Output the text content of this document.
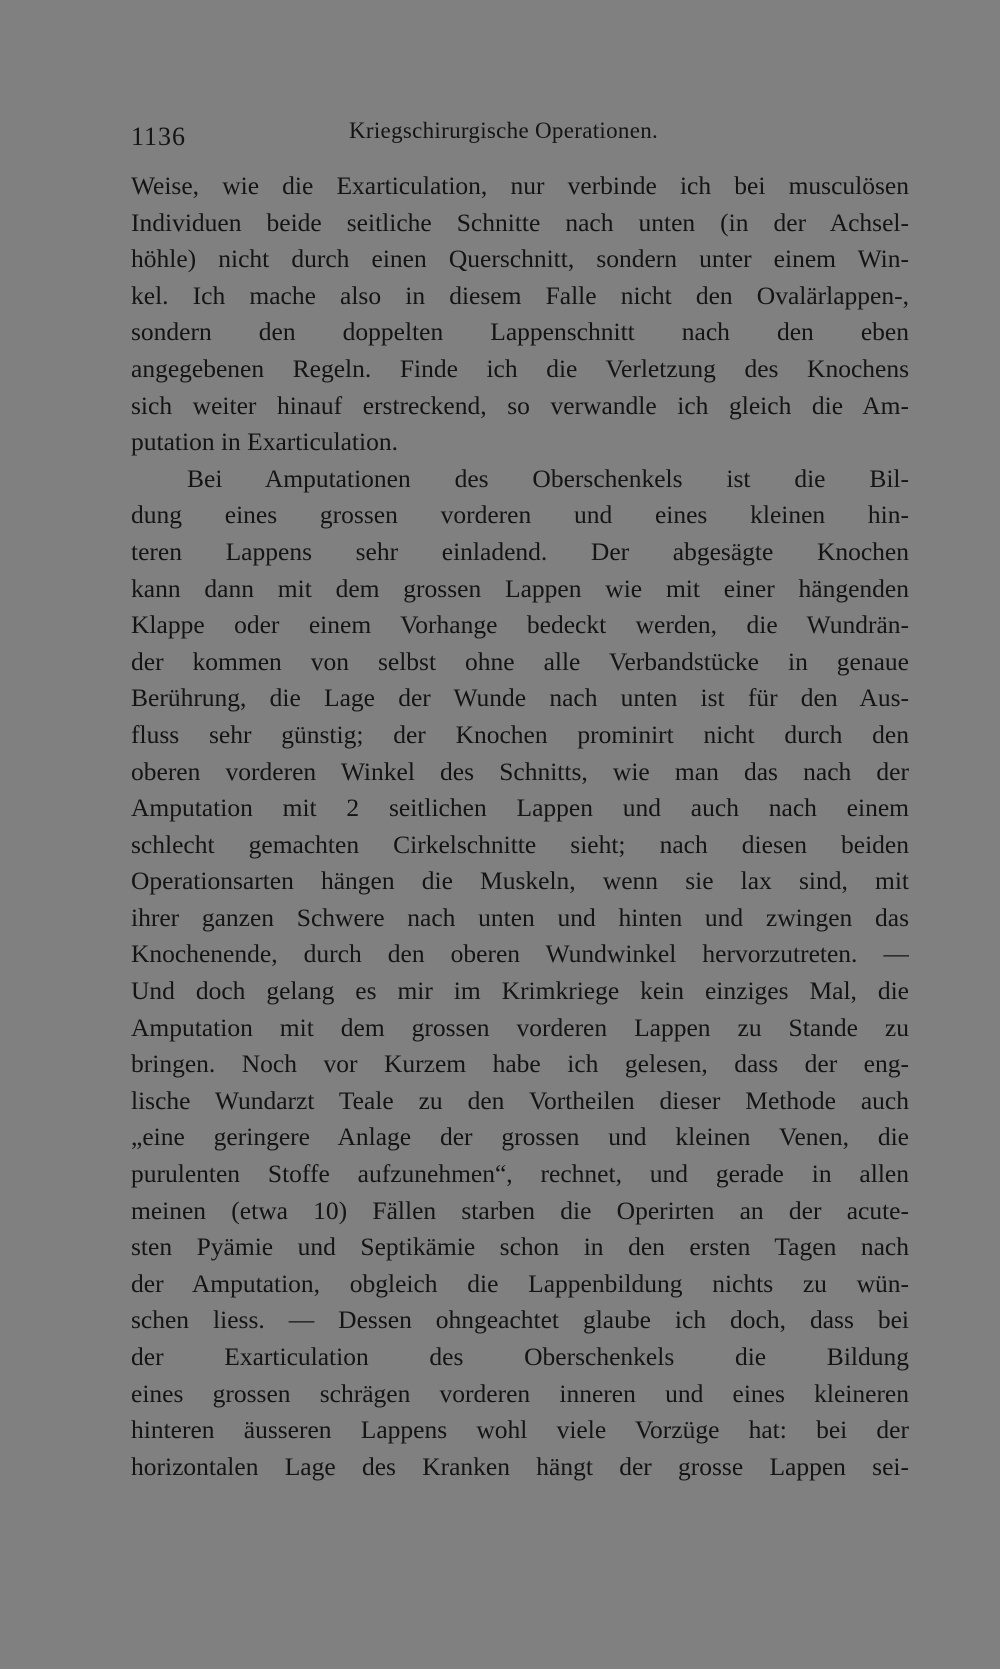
1136	Kriegschirurgische Operationen.
Weise, wie die Exarticulation, nur verbinde ich bei musculösen
Individuen beide seitliche Schnitte nach unten (in der Achsel-
höhle) nicht durch einen Querschnitt, sondern unter einem Win-
kel. Ich mache also in diesem Falle nicht den Ovalärlappen-,
sondern den doppelten Lappenschnitt nach den eben
angegebenen Regeln. Finde ich die Verletzung des Knochens
sich weiter hinauf erstreckend, so verwandle ich gleich die Am-
putation in Exarticulation.
Bei Amputationen des Oberschenkels ist die Bil-
dung eines grossen vorderen und eines kleinen hin-
teren Lappens sehr einladend. Der abgesägte Knochen
kann dann mit dem grossen Lappen wie mit einer hängenden
Klappe oder einem Vorhange bedeckt werden, die Wundrän-
der kommen von selbst ohne alle Verbandstücke in genaue
Berührung, die Lage der Wunde nach unten ist für den Aus-
fluss sehr günstig; der Knochen prominirt nicht durch den
oberen vorderen Winkel des Schnitts, wie man das nach der
Amputation mit 2 seitlichen Lappen und auch nach einem
schlecht gemachten Cirkelschnitte sieht; nach diesen beiden
Operationsarten hängen die Muskeln, wenn sie lax sind, mit
ihrer ganzen Schwere nach unten und hinten und zwingen das
Knochenende, durch den oberen Wundwinkel hervorzutreten. —
Und doch gelang es mir im Krimkriege kein einziges Mal, die
Amputation mit dem grossen vorderen Lappen zu Stande zu
bringen. Noch vor Kurzem habe ich gelesen, dass der eng-
lische Wundarzt Teale zu den Vortheilen dieser Methode auch
„eine geringere Anlage der grossen und kleinen Venen, die
purulenten Stoffe aufzunehmen“, rechnet, und gerade in allen
meinen (etwa 10) Fällen starben die Operirten an der acute-
sten Pyämie und Septikämie schon in den ersten Tagen nach
der Amputation, obgleich die Lappenbildung nichts zu wün-
schen liess. — Dessen ohngeachtet glaube ich doch, dass bei
der Exarticulation des Oberschenkels die Bildung
eines grossen schrägen vorderen inneren und eines kleineren
hinteren äusseren Lappens wohl viele Vorzüge hat: bei der
horizontalen Lage des Kranken hängt der grosse Lappen sei-
